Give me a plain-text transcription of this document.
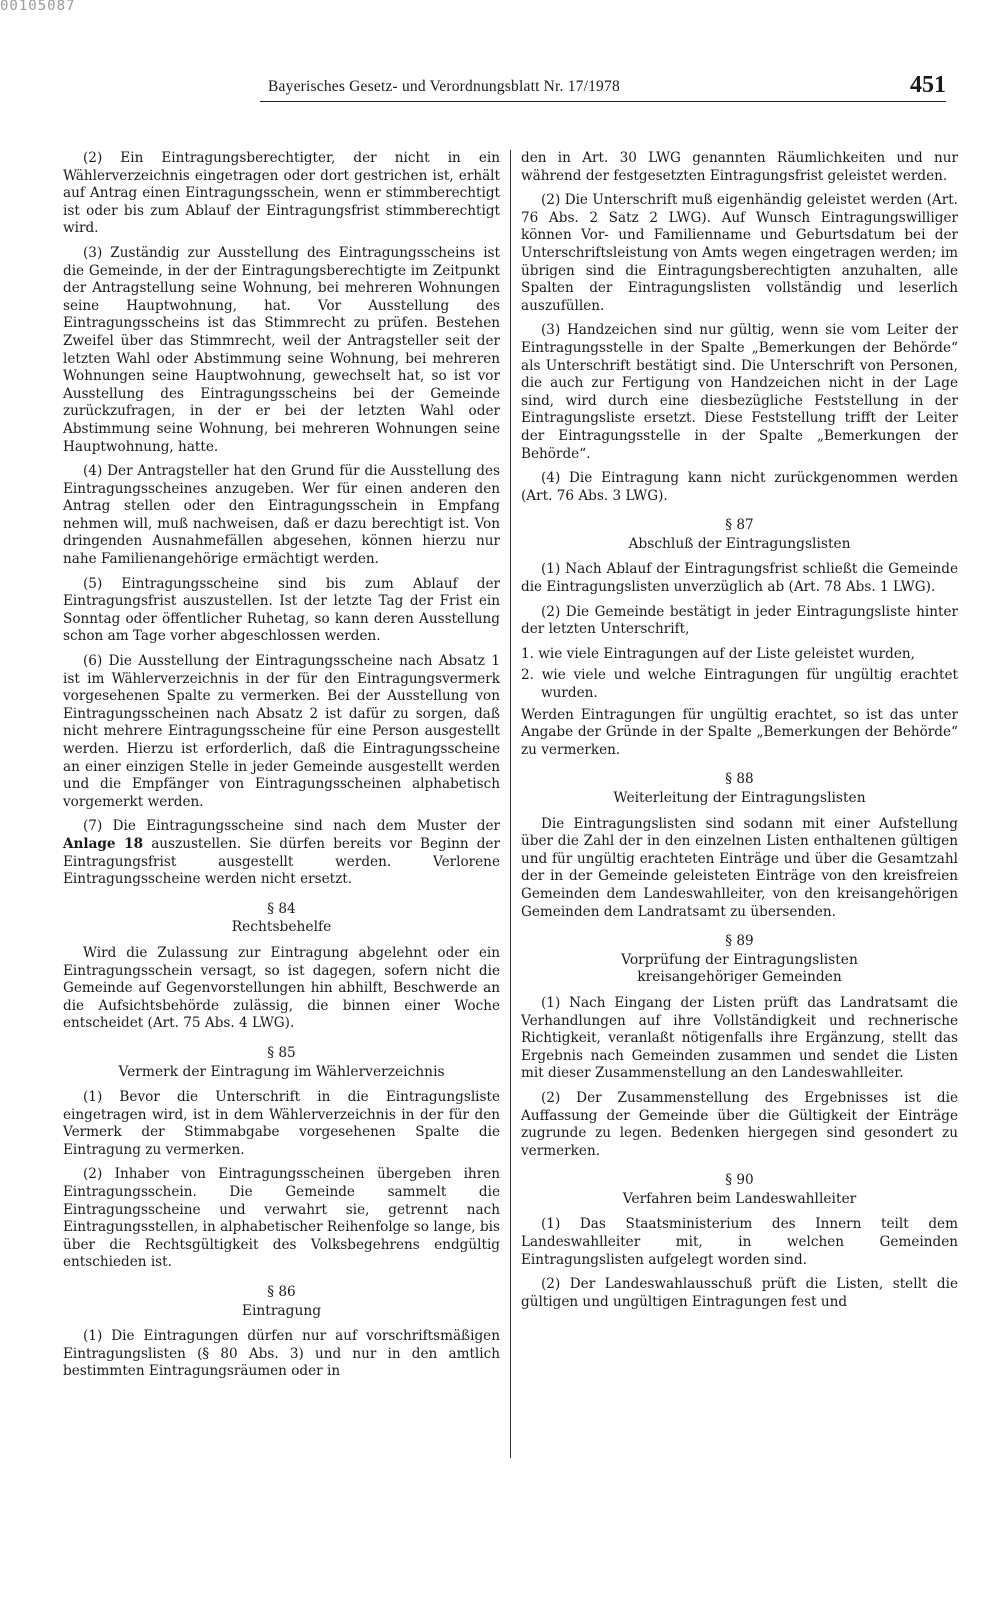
00105087
Bayerisches Gesetz- und Verordnungsblatt Nr. 17/1978	451

(2) Ein Eintragungsberechtigter, der nicht in ein Wählerverzeichnis eingetragen oder dort gestrichen ist, erhält auf Antrag einen Eintragungsschein, wenn er stimmberechtigt ist oder bis zum Ablauf der Eintragungsfrist stimmberechtigt wird.

(3) Zuständig zur Ausstellung des Eintragungsscheins ist die Gemeinde, in der der Eintragungsberechtigte im Zeitpunkt der Antragstellung seine Wohnung, bei mehreren Wohnungen seine Hauptwohnung, hat. Vor Ausstellung des Eintragungsscheins ist das Stimmrecht zu prüfen. Bestehen Zweifel über das Stimmrecht, weil der Antragsteller seit der letzten Wahl oder Abstimmung seine Wohnung, bei mehreren Wohnungen seine Hauptwohnung, gewechselt hat, so ist vor Ausstellung des Eintragungsscheins bei der Gemeinde zurückzufragen, in der er bei der letzten Wahl oder Abstimmung seine Wohnung, bei mehreren Wohnungen seine Hauptwohnung, hatte.

(4) Der Antragsteller hat den Grund für die Ausstellung des Eintragungsscheines anzugeben. Wer für einen anderen den Antrag stellen oder den Eintragungsschein in Empfang nehmen will, muß nachweisen, daß er dazu berechtigt ist. Von dringenden Ausnahmefällen abgesehen, können hierzu nur nahe Familienangehörige ermächtigt werden.

(5) Eintragungsscheine sind bis zum Ablauf der Eintragungsfrist auszustellen. Ist der letzte Tag der Frist ein Sonntag oder öffentlicher Ruhetag, so kann deren Ausstellung schon am Tage vorher abgeschlossen werden.

(6) Die Ausstellung der Eintragungsscheine nach Absatz 1 ist im Wählerverzeichnis in der für den Eintragungsvermerk vorgesehenen Spalte zu vermerken. Bei der Ausstellung von Eintragungsscheinen nach Absatz 2 ist dafür zu sorgen, daß nicht mehrere Eintragungsscheine für eine Person ausgestellt werden. Hierzu ist erforderlich, daß die Eintragungsscheine an einer einzigen Stelle in jeder Gemeinde ausgestellt werden und die Empfänger von Eintragungsscheinen alphabetisch vorgemerkt werden.

(7) Die Eintragungsscheine sind nach dem Muster der Anlage 18 auszustellen. Sie dürfen bereits vor Beginn der Eintragungsfrist ausgestellt werden. Verlorene Eintragungsscheine werden nicht ersetzt.

§ 84
Rechtsbehelfe

Wird die Zulassung zur Eintragung abgelehnt oder ein Eintragungsschein versagt, so ist dagegen, sofern nicht die Gemeinde auf Gegenvorstellungen hin abhilft, Beschwerde an die Aufsichtsbehörde zulässig, die binnen einer Woche entscheidet (Art. 75 Abs. 4 LWG).

§ 85
Vermerk der Eintragung im Wählerverzeichnis

(1) Bevor die Unterschrift in die Eintragungsliste eingetragen wird, ist in dem Wählerverzeichnis in der für den Vermerk der Stimmabgabe vorgesehenen Spalte die Eintragung zu vermerken.

(2) Inhaber von Eintragungsscheinen übergeben ihren Eintragungsschein. Die Gemeinde sammelt die Eintragungsscheine und verwahrt sie, getrennt nach Eintragungsstellen, in alphabetischer Reihenfolge so lange, bis über die Rechtsgültigkeit des Volksbegehrens endgültig entschieden ist.

§ 86
Eintragung

(1) Die Eintragungen dürfen nur auf vorschriftsmäßigen Eintragungslisten (§ 80 Abs. 3) und nur in den amtlich bestimmten Eintragungsräumen oder in

den in Art. 30 LWG genannten Räumlichkeiten und nur während der festgesetzten Eintragungsfrist geleistet werden.

(2) Die Unterschrift muß eigenhändig geleistet werden (Art. 76 Abs. 2 Satz 2 LWG). Auf Wunsch Eintragungswilliger können Vor- und Familienname und Geburtsdatum bei der Unterschriftsleistung von Amts wegen eingetragen werden; im übrigen sind die Eintragungsberechtigten anzuhalten, alle Spalten der Eintragungslisten vollständig und leserlich auszufüllen.

(3) Handzeichen sind nur gültig, wenn sie vom Leiter der Eintragungsstelle in der Spalte „Bemerkungen der Behörde“ als Unterschrift bestätigt sind. Die Unterschrift von Personen, die auch zur Fertigung von Handzeichen nicht in der Lage sind, wird durch eine diesbezügliche Feststellung in der Eintragungsliste ersetzt. Diese Feststellung trifft der Leiter der Eintragungsstelle in der Spalte „Bemerkungen der Behörde“.

(4) Die Eintragung kann nicht zurückgenommen werden (Art. 76 Abs. 3 LWG).

§ 87
Abschluß der Eintragungslisten

(1) Nach Ablauf der Eintragungsfrist schließt die Gemeinde die Eintragungslisten unverzüglich ab (Art. 78 Abs. 1 LWG).

(2) Die Gemeinde bestätigt in jeder Eintragungsliste hinter der letzten Unterschrift,

1. wie viele Eintragungen auf der Liste geleistet wurden,
2. wie viele und welche Eintragungen für ungültig erachtet wurden.

Werden Eintragungen für ungültig erachtet, so ist das unter Angabe der Gründe in der Spalte „Bemerkungen der Behörde“ zu vermerken.

§ 88
Weiterleitung der Eintragungslisten

Die Eintragungslisten sind sodann mit einer Aufstellung über die Zahl der in den einzelnen Listen enthaltenen gültigen und für ungültig erachteten Einträge und über die Gesamtzahl der in der Gemeinde geleisteten Einträge von den kreisfreien Gemeinden dem Landeswahlleiter, von den kreisangehörigen Gemeinden dem Landratsamt zu übersenden.

§ 89
Vorprüfung der Eintragungslisten
kreisangehöriger Gemeinden

(1) Nach Eingang der Listen prüft das Landratsamt die Verhandlungen auf ihre Vollständigkeit und rechnerische Richtigkeit, veranlaßt nötigenfalls ihre Ergänzung, stellt das Ergebnis nach Gemeinden zusammen und sendet die Listen mit dieser Zusammenstellung an den Landeswahlleiter.

(2) Der Zusammenstellung des Ergebnisses ist die Auffassung der Gemeinde über die Gültigkeit der Einträge zugrunde zu legen. Bedenken hiergegen sind gesondert zu vermerken.

§ 90
Verfahren beim Landeswahlleiter

(1) Das Staatsministerium des Innern teilt dem Landeswahlleiter mit, in welchen Gemeinden Eintragungslisten aufgelegt worden sind.

(2) Der Landeswahlausschuß prüft die Listen, stellt die gültigen und ungültigen Eintragungen fest und
